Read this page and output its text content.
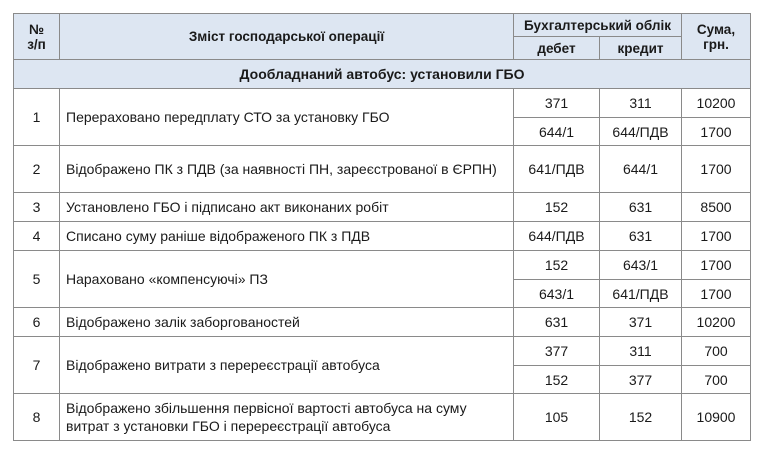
№
з/п	Зміст господарської операції	Бухгалтерський облік		Сума, грн.
		дебет	кредит	
Дообладнаний автобус: установили ГБО				
1	Перераховано передплату СТО за установку ГБО	371	311	10200
		644/1	644/ПДВ	1700
2	Відображено ПК з ПДВ (за наявності ПН, зареєстрованої в ЄРПН)	641/ПДВ	644/1	1700
3	Установлено ГБО і підписано акт виконаних робіт	152	631	8500
4	Списано суму раніше відображеного ПК з ПДВ	644/ПДВ	631	1700
5	Нараховано «компенсуючі» ПЗ	152	643/1	1700
		643/1	641/ПДВ	1700
6	Відображено залік заборгованостей	631	371	10200
7	Відображено витрати з перереєстрації автобуса	377	311	700
		152	377	700
8	Відображено збільшення первісної вартості автобуса на суму витрат з установки ГБО і перереєстрації автобуса	105	152	10900
